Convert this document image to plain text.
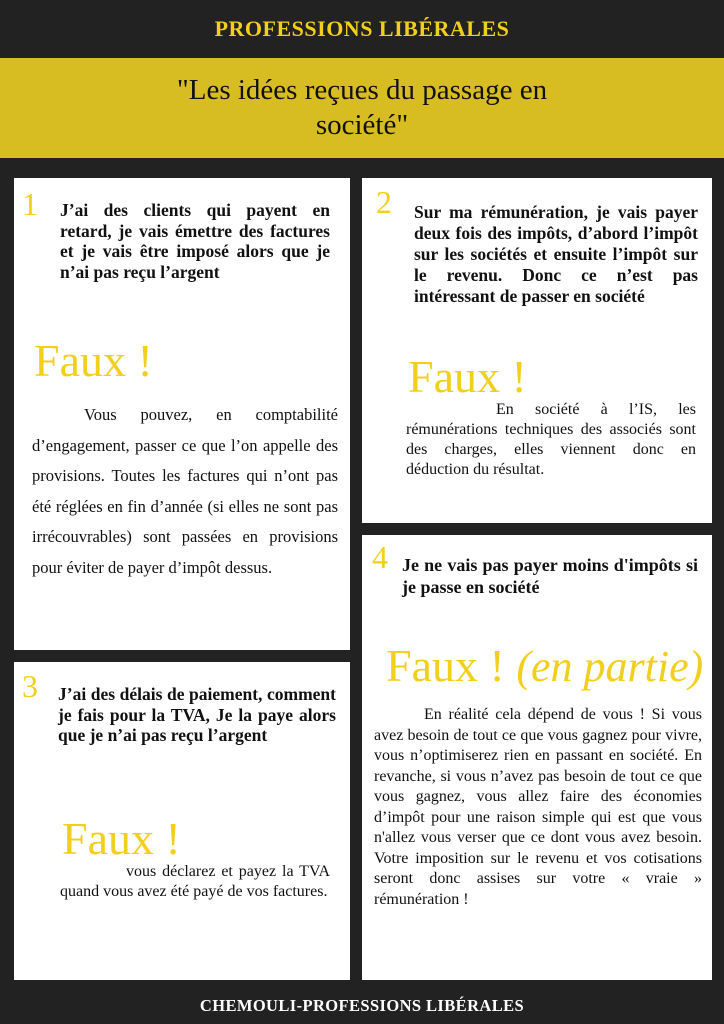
PROFESSIONS LIBÉRALES
"Les idées reçues du passage en société"
1 J’ai des clients qui payent en retard, je vais émettre des factures et je vais être imposé alors que je n’ai pas reçu l’argent
Faux !
Vous pouvez, en comptabilité d’engagement, passer ce que l’on appelle des provisions. Toutes les factures qui n’ont pas été réglées en fin d’année (si elles ne sont pas irrécouvrables) sont passées en provisions pour éviter de payer d’impôt dessus.
2 Sur ma rémunération, je vais payer deux fois des impôts, d’abord l’impôt sur les sociétés et ensuite l’impôt sur le revenu. Donc ce n’est pas intéressant de passer en société
Faux !
En société à l’IS, les rémunérations techniques des associés sont des charges, elles viennent donc en déduction du résultat.
3 J’ai des délais de paiement, comment je fais pour la TVA, Je la paye alors que je n’ai pas reçu l’argent
Faux !
vous déclarez et payez la TVA quand vous avez été payé de vos factures.
4 Je ne vais pas payer moins d'impôts si je passe en société
Faux ! (en partie)
En réalité cela dépend de vous ! Si vous avez besoin de tout ce que vous gagnez pour vivre, vous n’optimiserez rien en passant en société. En revanche, si vous n’avez pas besoin de tout ce que vous gagnez, vous allez faire des économies d’impôt pour une raison simple qui est que vous n'allez vous verser que ce dont vous avez besoin. Votre imposition sur le revenu et vos cotisations seront donc assises sur votre « vraie » rémunération !
CHEMOULI-PROFESSIONS LIBÉRALES
